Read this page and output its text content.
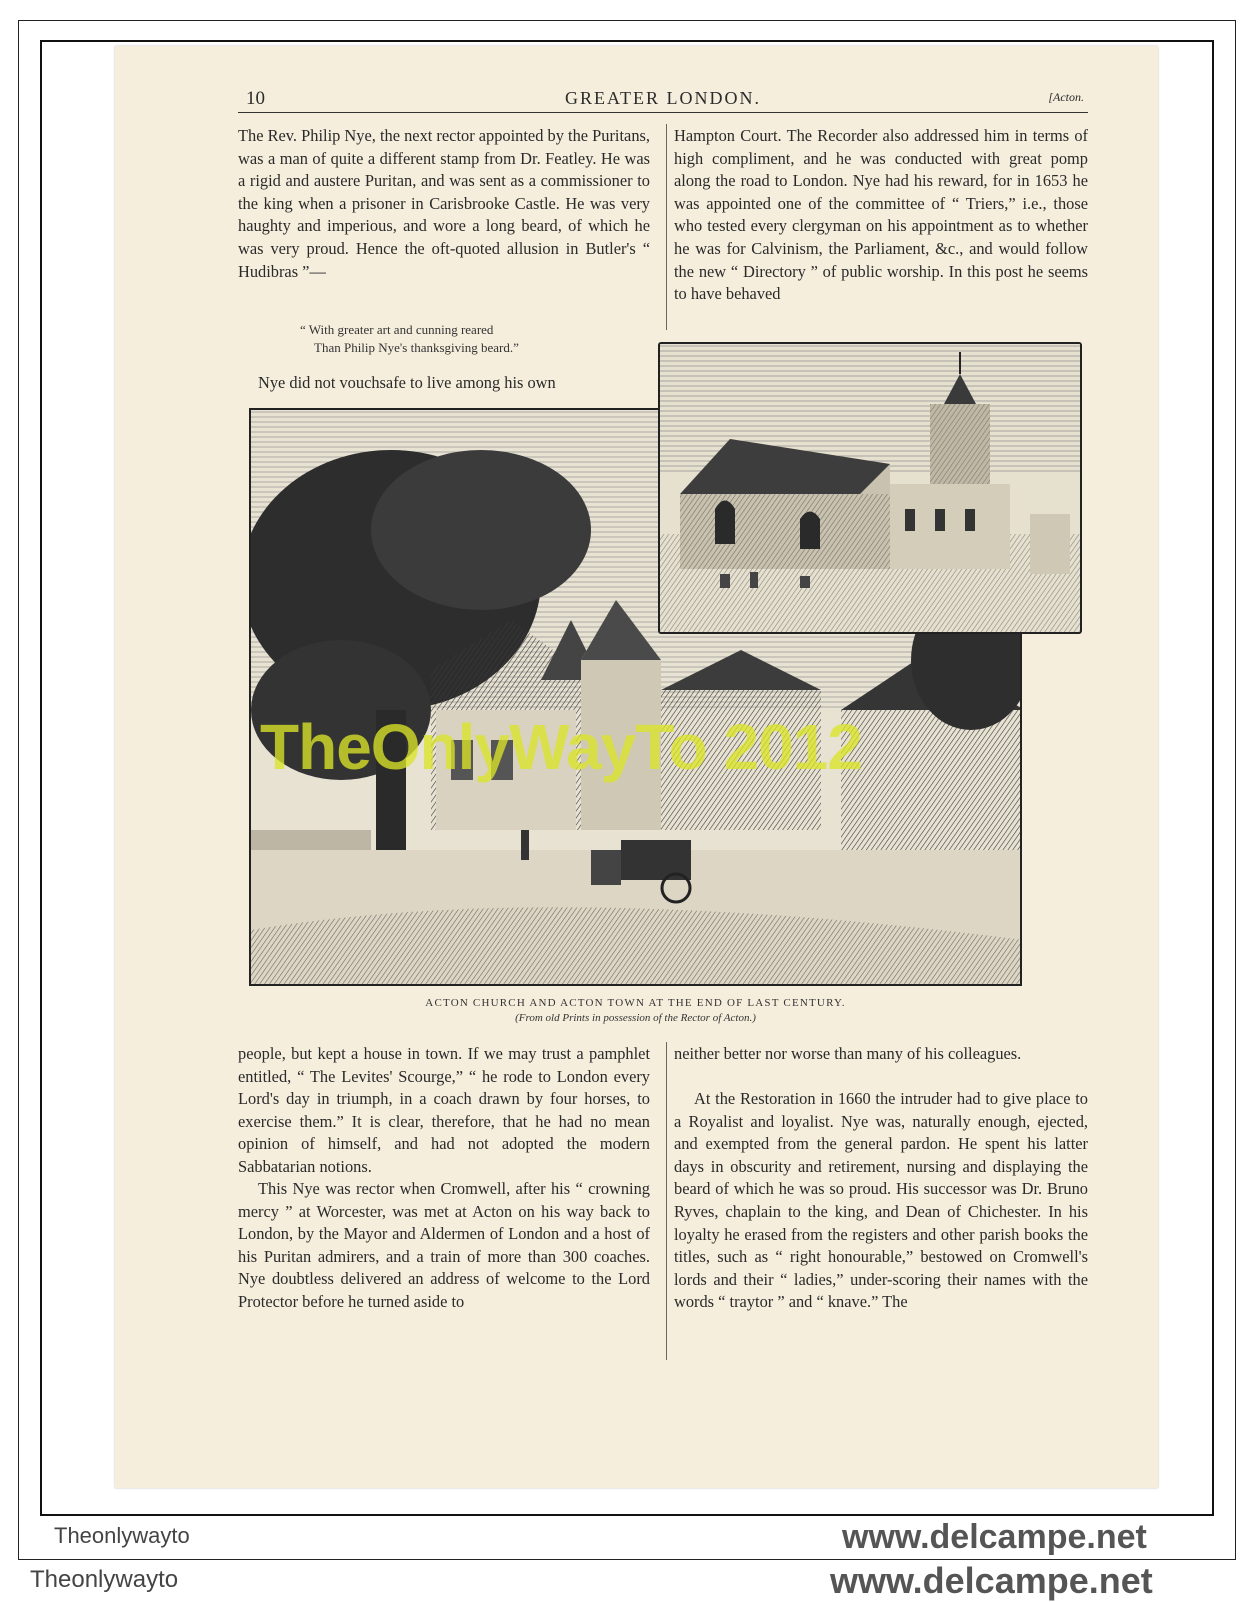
10	GREATER LONDON.	[Acton.

The Rev. Philip Nye, the next rector appointed by the Puritans, was a man of quite a different stamp from Dr. Featley. He was a rigid and austere Puritan, and was sent as a commissioner to the king when a prisoner in Carisbrooke Castle. He was very haughty and imperious, and wore a long beard, of which he was very proud. Hence the oft-quoted allusion in Butler's “ Hudibras ”—

“ With greater art and cunning reared
Than Philip Nye's thanksgiving beard.”

Nye did not vouchsafe to live among his own

Hampton Court. The Recorder also addressed him in terms of high compliment, and he was conducted with great pomp along the road to London. Nye had his reward, for in 1653 he was appointed one of the committee of “ Triers,” i.e., those who tested every clergyman on his appointment as to whether he was for Calvinism, the Parliament, &c., and would follow the new “ Directory ” of public worship. In this post he seems to have behaved

TheOnlyWayTo 2012
ACTON CHURCH AND ACTON TOWN AT THE END OF LAST CENTURY.
(From old Prints in possession of the Rector of Acton.)

people, but kept a house in town. If we may trust a pamphlet entitled, “ The Levites' Scourge,” “ he rode to London every Lord's day in triumph, in a coach drawn by four horses, to exercise them.” It is clear, therefore, that he had no mean opinion of himself, and had not adopted the modern Sabbatarian notions.

This Nye was rector when Cromwell, after his “ crowning mercy ” at Worcester, was met at Acton on his way back to London, by the Mayor and Aldermen of London and a host of his Puritan admirers, and a train of more than 300 coaches. Nye doubtless delivered an address of welcome to the Lord Protector before he turned aside to

neither better nor worse than many of his colleagues.

At the Restoration in 1660 the intruder had to give place to a Royalist and loyalist. Nye was, naturally enough, ejected, and exempted from the general pardon. He spent his latter days in obscurity and retirement, nursing and displaying the beard of which he was so proud. His successor was Dr. Bruno Ryves, chaplain to the king, and Dean of Chichester. In his loyalty he erased from the registers and other parish books the titles, such as “ right honourable,” bestowed on Cromwell's lords and their “ ladies,” under-scoring their names with the words “ traytor ” and “ knave.” The

Theonlywayto
Theonlywayto
www.delcampe.net
www.delcampe.net
